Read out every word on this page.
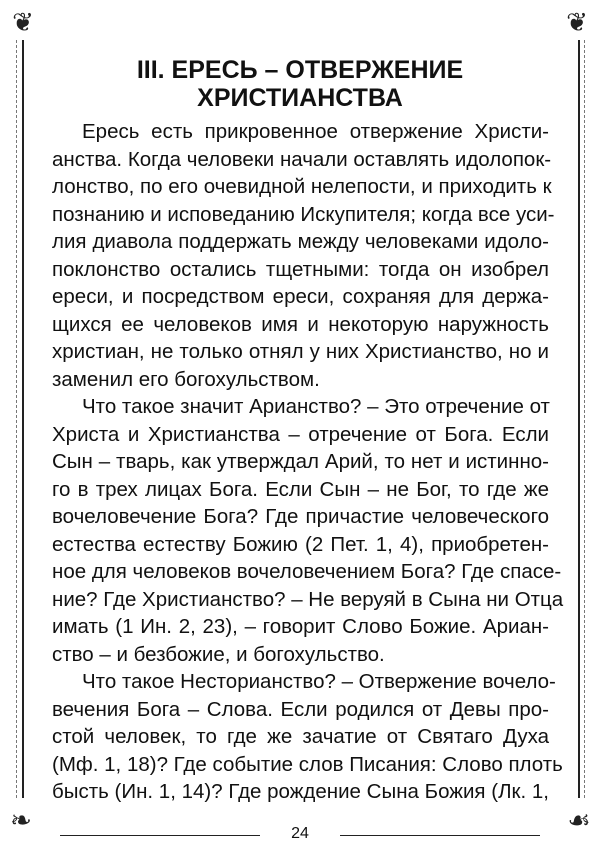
❦	❦
❧	☙
III. ЕРЕСЬ – ОТВЕРЖЕНИЕ
ХРИСТИАНСТВА
Ересь есть прикровенное отвержение Христи-
анства. Когда человеки начали оставлять идолопок-
лонство, по его очевидной нелепости, и приходить к
познанию и исповеданию Искупителя; когда все уси-
лия диавола поддержать между человеками идоло-
поклонство остались тщетными: тогда он изобрел
ереси, и посредством ереси, сохраняя для держа-
щихся ее человеков имя и некоторую наружность
христиан, не только отнял у них Христианство, но и
заменил его богохульством.
Что такое значит Арианство? – Это отречение от
Христа и Христианства – отречение от Бога. Если
Сын – тварь, как утверждал Арий, то нет и истинно-
го в трех лицах Бога. Если Сын – не Бог, то где же
вочеловечение Бога? Где причастие человеческого
естества естеству Божию (2 Пет. 1, 4), приобретен-
ное для человеков вочеловечением Бога? Где спасе-
ние? Где Христианство? – Не веруяй в Сына ни Отца
имать (1 Ин. 2, 23), – говорит Слово Божие. Ариан-
ство – и безбожие, и богохульство.
Что такое Несторианство? – Отвержение вочело-
вечения Бога – Слова. Если родился от Девы про-
стой человек, то где же зачатие от Святаго Духа
(Мф. 1, 18)? Где событие слов Писания: Слово плоть
бысть (Ин. 1, 14)? Где рождение Сына Божия (Лк. 1,
24
